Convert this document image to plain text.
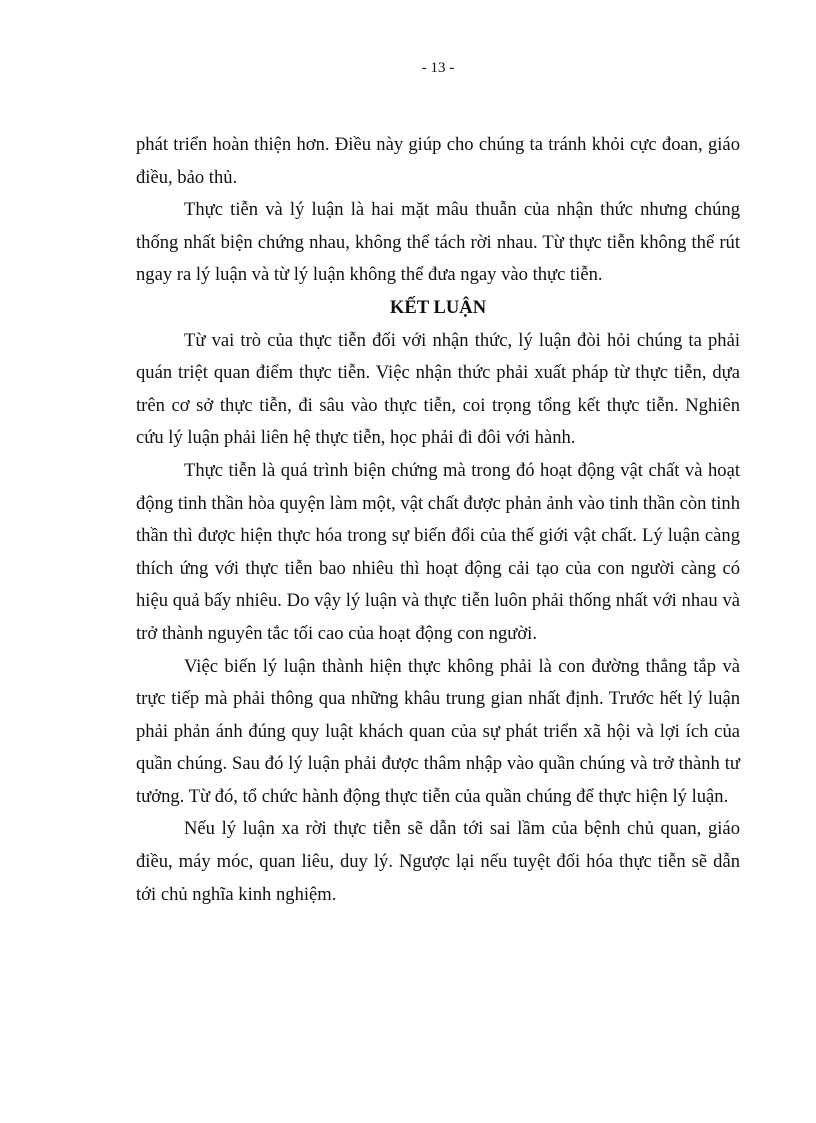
- 13 -

phát triển hoàn thiện hơn. Điều này giúp cho chúng ta tránh khỏi cực đoan, giáo điều, bảo thủ.

Thực tiễn và lý luận là hai mặt mâu thuẫn của nhận thức nhưng chúng thống nhất biện chứng nhau, không thể tách rời nhau. Từ thực tiễn không thể rút ngay ra lý luận và từ lý luận không thể đưa ngay vào thực tiễn.

KẾT LUẬN

Từ vai trò của thực tiễn đối với nhận thức, lý luận đòi hỏi chúng ta phải quán triệt quan điểm thực tiễn. Việc nhận thức phải xuất pháp từ thực tiễn, dựa trên cơ sở thực tiễn, đi sâu vào thực tiễn, coi trọng tổng kết thực tiễn. Nghiên cứu lý luận phải liên hệ thực tiễn, học phải đi đôi với hành.

Thực tiễn là quá trình biện chứng mà trong đó hoạt động vật chất và hoạt động tinh thần hòa quyện làm một, vật chất được phản ảnh vào tinh thần còn tinh thần thì được hiện thực hóa trong sự biến đổi của thế giới vật chất. Lý luận càng thích ứng với thực tiễn bao nhiêu thì hoạt động cải tạo của con người càng có hiệu quả bấy nhiêu. Do vậy lý luận và thực tiễn luôn phải thống nhất với nhau và trở thành nguyên tắc tối cao của hoạt động con người.

Việc biến lý luận thành hiện thực không phải là con đường thẳng tắp và trực tiếp mà phải thông qua những khâu trung gian nhất định. Trước hết lý luận phải phản ánh đúng quy luật khách quan của sự phát triển xã hội và lợi ích của quần chúng. Sau đó lý luận phải được thâm nhập vào quần chúng và trở thành tư tưởng. Từ đó, tổ chức hành động thực tiễn của quần chúng để thực hiện lý luận.

Nếu lý luận xa rời thực tiễn sẽ dẫn tới sai lầm của bệnh chủ quan, giáo điều, máy móc, quan liêu, duy lý. Ngược lại nếu tuyệt đối hóa thực tiễn sẽ dẫn tới chủ nghĩa kinh nghiệm.
